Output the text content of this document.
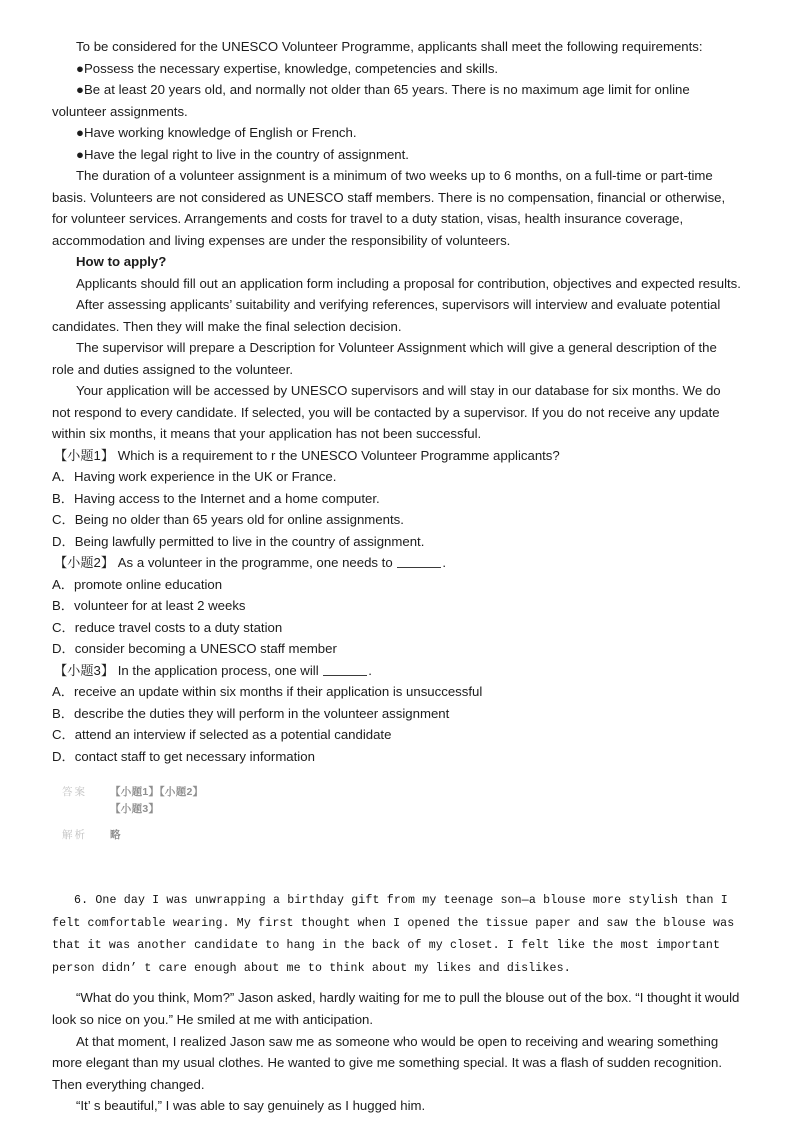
To be considered for the UNESCO Volunteer Programme, applicants shall meet the following requirements:

●Possess the necessary expertise, knowledge, competencies and skills.

●Be at least 20 years old, and normally not older than 65 years. There is no maximum age limit for online volunteer assignments.

●Have working knowledge of English or French.

●Have the legal right to live in the country of assignment.

The duration of a volunteer assignment is a minimum of two weeks up to 6 months, on a full-time or part-time basis. Volunteers are not considered as UNESCO staff members. There is no compensation, financial or otherwise, for volunteer services. Arrangements and costs for travel to a duty station, visas, health insurance coverage, accommodation and living expenses are under the responsibility of volunteers.

How to apply?

Applicants should fill out an application form including a proposal for contribution, objectives and expected results.

After assessing applicants’ suitability and verifying references, supervisors will interview and evaluate potential candidates. Then they will make the final selection decision.

The supervisor will prepare a Description for Volunteer Assignment which will give a general description of the role and duties assigned to the volunteer.

Your application will be accessed by UNESCO supervisors and will stay in our database for six months. We do not respond to every candidate. If selected, you will be contacted by a supervisor. If you do not receive any update within six months, it means that your application has not been successful.

【小题1】 Which is a requirement to r the UNESCO Volunteer Programme applicants?

A．Having work experience in the UK or France.

B．Having access to the Internet and a home computer.

C．Being no older than 65 years old for online assignments.

D．Being lawfully permitted to live in the country of assignment.

【小题2】 As a volunteer in the programme, one needs to	.

A．promote online education

B．volunteer for at least 2 weeks

C．reduce travel costs to a duty station

D．consider becoming a UNESCO staff member

【小题3】 In the application process, one will	.

A．receive an update within six months if their application is unsuccessful

B．describe the duties they will perform in the volunteer assignment

C．attend an interview if selected as a potential candidate

D．contact staff to get necessary information

答案	【小题1】【小题2】
【小题3】
解析	略

6. One day I was unwrapping a birthday gift from my teenage son—a blouse more stylish than I felt comfortable wearing. My first thought when I opened the tissue paper and saw the blouse was that it was another candidate to hang in the back of my closet. I felt like the most important person didn’ t care enough about me to think about my likes and dislikes.

“What do you think, Mom?” Jason asked, hardly waiting for me to pull the blouse out of the box. “I thought it would look so nice on you.” He smiled at me with anticipation.

At that moment, I realized Jason saw me as someone who would be open to receiving and wearing something more elegant than my usual clothes. He wanted to give me something special. It was a flash of sudden recognition. Then everything changed.

“It’ s beautiful,” I was able to say genuinely as I hugged him.
